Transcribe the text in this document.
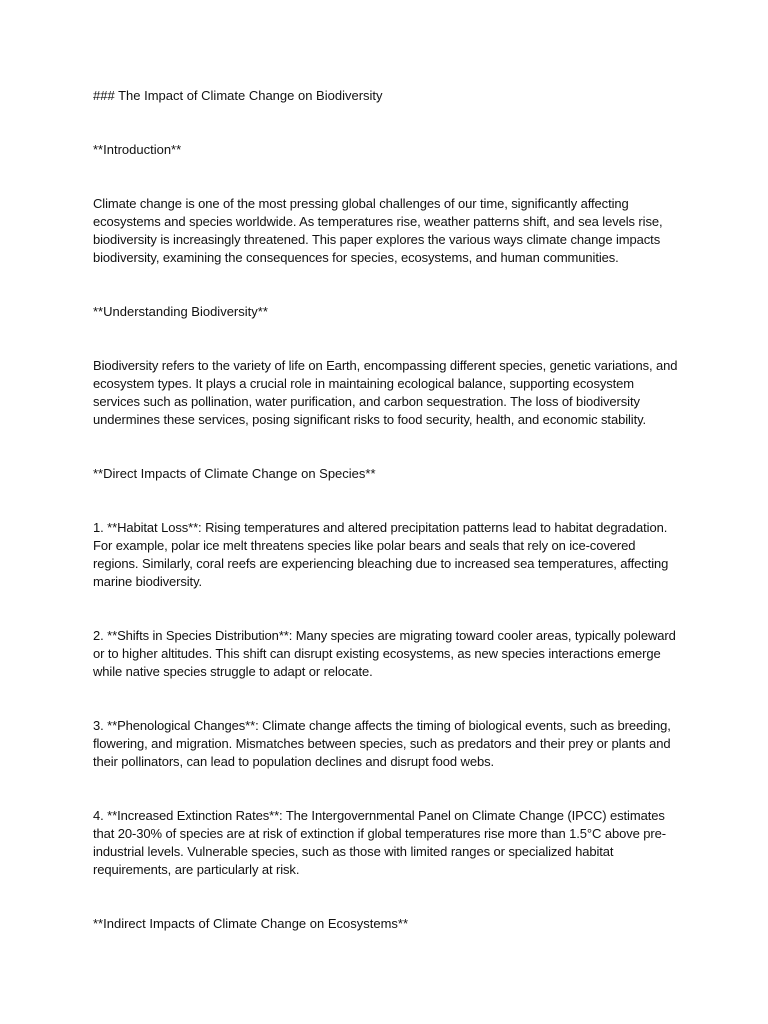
### The Impact of Climate Change on Biodiversity

**Introduction**

Climate change is one of the most pressing global challenges of our time, significantly affecting ecosystems and species worldwide. As temperatures rise, weather patterns shift, and sea levels rise, biodiversity is increasingly threatened. This paper explores the various ways climate change impacts biodiversity, examining the consequences for species, ecosystems, and human communities.

**Understanding Biodiversity**

Biodiversity refers to the variety of life on Earth, encompassing different species, genetic variations, and ecosystem types. It plays a crucial role in maintaining ecological balance, supporting ecosystem services such as pollination, water purification, and carbon sequestration. The loss of biodiversity undermines these services, posing significant risks to food security, health, and economic stability.

**Direct Impacts of Climate Change on Species**

1. **Habitat Loss**: Rising temperatures and altered precipitation patterns lead to habitat degradation. For example, polar ice melt threatens species like polar bears and seals that rely on ice-covered regions. Similarly, coral reefs are experiencing bleaching due to increased sea temperatures, affecting marine biodiversity.

2. **Shifts in Species Distribution**: Many species are migrating toward cooler areas, typically poleward or to higher altitudes. This shift can disrupt existing ecosystems, as new species interactions emerge while native species struggle to adapt or relocate.

3. **Phenological Changes**: Climate change affects the timing of biological events, such as breeding, flowering, and migration. Mismatches between species, such as predators and their prey or plants and their pollinators, can lead to population declines and disrupt food webs.

4. **Increased Extinction Rates**: The Intergovernmental Panel on Climate Change (IPCC) estimates that 20-30% of species are at risk of extinction if global temperatures rise more than 1.5°C above pre-industrial levels. Vulnerable species, such as those with limited ranges or specialized habitat requirements, are particularly at risk.

**Indirect Impacts of Climate Change on Ecosystems**
